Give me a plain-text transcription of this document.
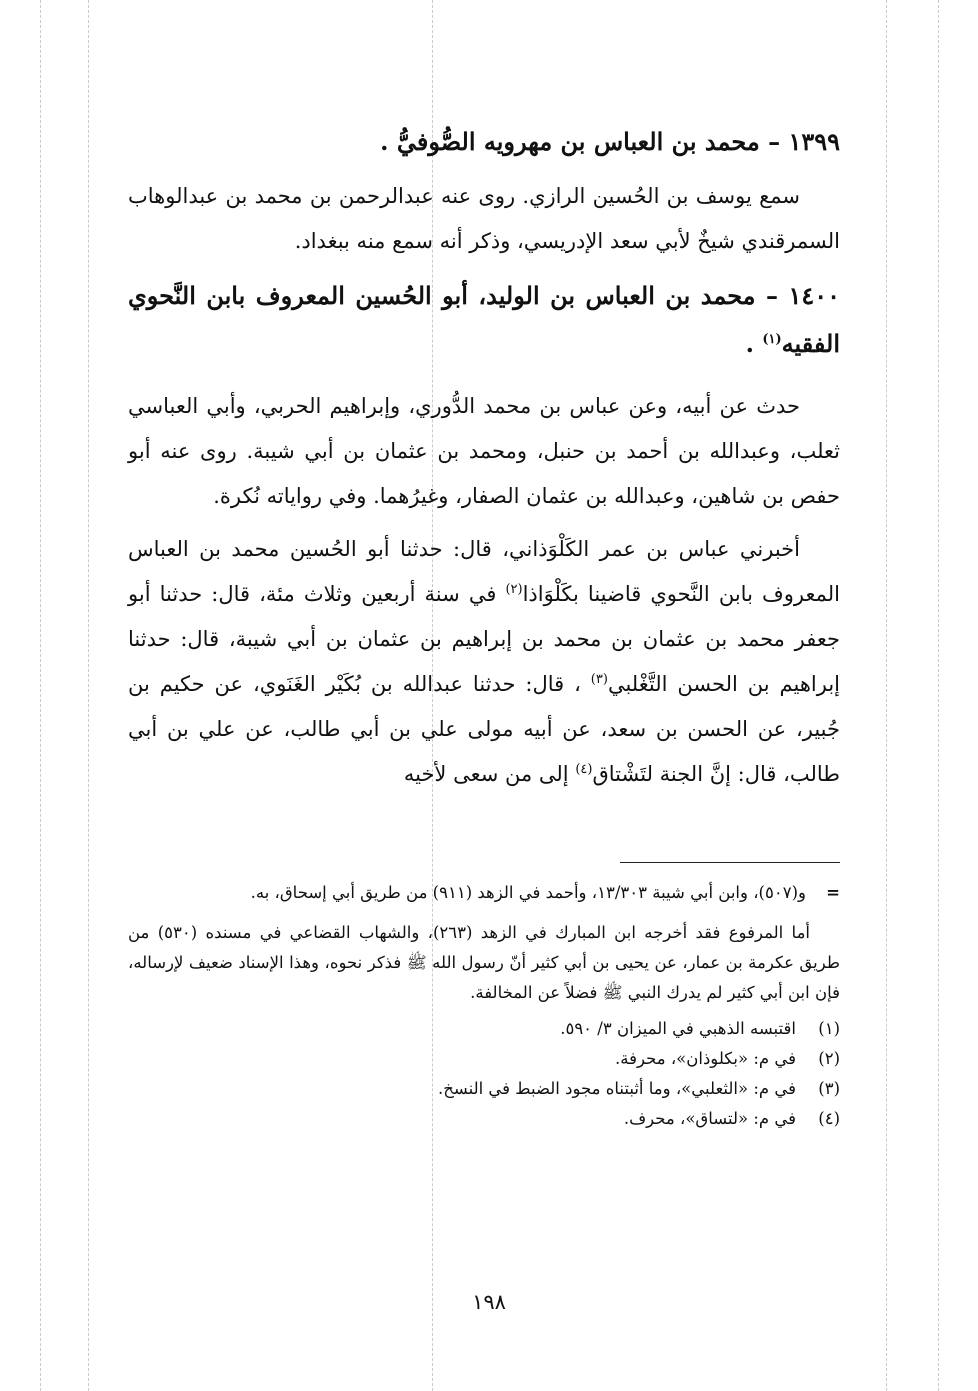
١٣٩٩ – محمد بن العباس بن مهرويه الصُّوفيُّ .

سمع يوسف بن الحُسين الرازي. روى عنه عبدالرحمن بن محمد بن عبدالوهاب السمرقندي شيخٌ لأبي سعد الإدريسي، وذكر أنه سمع منه ببغداد.

١٤٠٠ – محمد بن العباس بن الوليد، أبو الحُسين المعروف بابن النَّحوي الفقيه$^{(١)}$ .

حدث عن أبيه، وعن عباس بن محمد الدُّوري، وإبراهيم الحربي، وأبي العباسي ثعلب، وعبدالله بن أحمد بن حنبل، ومحمد بن عثمان بن أبي شيبة. روى عنه أبو حفص بن شاهين، وعبدالله بن عثمان الصفار، وغيرُهما. وفي رواياته نُكرة.

أخبرني عباس بن عمر الكَلْوَذاني، قال: حدثنا أبو الحُسين محمد بن العباس المعروف بابن النَّحوي قاضينا بكَلْوَاذا$^{(٢)}$ في سنة أربعين وثلاث مئة، قال: حدثنا أبو جعفر محمد بن عثمان بن محمد بن إبراهيم بن عثمان بن أبي شيبة، قال: حدثنا إبراهيم بن الحسن التَّغْلبي$^{(٣)}$ ، قال: حدثنا عبدالله بن بُكَيْر الغَنَوي، عن حكيم بن جُبير، عن الحسن بن سعد، عن أبيه مولى علي بن أبي طالب، عن علي بن أبي طالب، قال: إنَّ الجنة لتَشْتاق$^{(٤)}$ إلى من سعى لأخيه

=
و(٥٠٧)، وابن أبي شيبة ١٣/٣٠٣، وأحمد في الزهد (٩١١) من طريق أبي إسحاق، به.

أما المرفوع فقد أخرجه ابن المبارك في الزهد (٢٦٣)، والشهاب القضاعي في مسنده (٥٣٠) من طريق عكرمة بن عمار، عن يحيى بن أبي كثير أنّ رسول الله ﷺ فذكر نحوه، وهذا الإسناد ضعيف لإرساله، فإن ابن أبي كثير لم يدرك النبي ﷺ فضلاً عن المخالفة.

(١)اقتبسه الذهبي في الميزان ٣/ ٥٩٠.

(٢)في م: «بكلوذان»، محرفة.

(٣)في م: «الثعلبي»، وما أثبتناه مجود الضبط في النسخ.

(٤)في م: «لتساق»، محرف.

١٩٨
